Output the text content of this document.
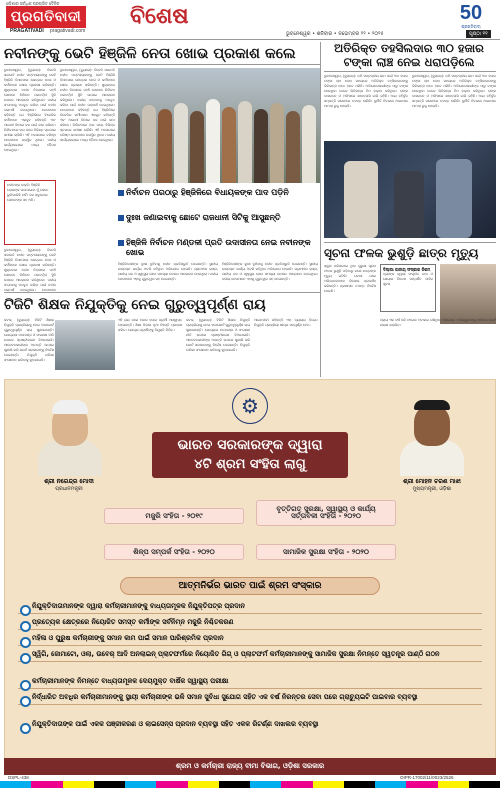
ଓଡ଼ିଶାର ସର୍ବାଧିକ ପ୍ରଚାରିତ ଦୈନିକ
ପ୍ରଗତିବାଦୀ
PRAGATIVADI pragativadi.com
ବିଶେଷ	50
ପ୍ରଗତିବାଦୀ
ଭୁବନେଶ୍ୱର • ଶନିବାର • ନଭେମ୍ବର ୨୨ • ୨୦୨୫	ପୃଷ୍ଠା ୧୧
ନବୀନଙ୍କୁ ଭେଟି ହିଞ୍ଜିଳି ନେତା ଖୋଭ ପ୍ରକାଶ କଲେ
ଭୁବନେଶ୍ୱର, (ବ୍ୟୁରୋ): ବିଜେଡି ସଭାପତି ନବୀନ ପଟ୍ଟନାୟକଙ୍କୁ ଭେଟି ହିଞ୍ଜିଳି ବିଧାନସଭା କ୍ଷେତ୍ରର ନେତା ଓ କର୍ମୀମାନେ ଖୋଭ ପ୍ରକାଶ କରିଛନ୍ତି। ଶୁକ୍ରବାର ନବୀନ ନିବାସରେ ପହଞ୍ଚି ସେମାନେ ନିର୍ବାଚନ ପରବର୍ତ୍ତୀ ସ୍ଥିତି ଉପରେ ଆଲୋଚନା କରିଥିଲେ। ଦଳୀୟ ସଂଗଠନକୁ ମଜବୁତ କରିବା ପାଇଁ ନବୀନ ପରାମର୍ଶ ଦେଇଥିଲେ। ନେତାମାନେ କହିଛନ୍ତି ଯେ ହିଞ୍ଜିଳିରେ ବିଜେଡିର କର୍ମୀମାନେ ଏକଜୁଟ ରହିଛନ୍ତି ଏବଂ ଆଗାମୀ ଦିନରେ ଦଳ ପାଇଁ କାମ କରିବେ। ନିର୍ବାଚନରେ ହାର ପରେ ବିଭିନ୍ନ ସ୍ତରରେ ସମୀକ୍ଷା ଚାଲିଛି। ଏହି ଅବସରରେ ବରିଷ୍ଠ ନେତାମାନେ ଉପସ୍ଥିତ ଥିଲେ। ଦଳୀୟ କାର୍ଯ୍ୟାଳୟରେ ମଧ୍ୟ ବୈଠକ ହୋଇଥିଲା।
ଭୁବନେଶ୍ୱର, (ବ୍ୟୁରୋ): ବିଜେଡି ସଭାପତି ନବୀନ ପଟ୍ଟନାୟକଙ୍କୁ ଭେଟି ହିଞ୍ଜିଳି ବିଧାନସଭା କ୍ଷେତ୍ରର ନେତା ଓ କର୍ମୀମାନେ ଖୋଭ ପ୍ରକାଶ କରିଛନ୍ତି। ଶୁକ୍ରବାର ନବୀନ ନିବାସରେ ପହଞ୍ଚି ସେମାନେ ନିର୍ବାଚନ ପରବର୍ତ୍ତୀ ସ୍ଥିତି ଉପରେ ଆଲୋଚନା କରିଥିଲେ। ଦଳୀୟ ସଂଗଠନକୁ ମଜବୁତ କରିବା ପାଇଁ ନବୀନ ପରାମର୍ଶ ଦେଇଥିଲେ। ନେତାମାନେ କହିଛନ୍ତି ଯେ ହିଞ୍ଜିଳିରେ ବିଜେଡିର କର୍ମୀମାନେ ଏକଜୁଟ ରହିଛନ୍ତି ଏବଂ ଆଗାମୀ ଦିନରେ ଦଳ ପାଇଁ କାମ କରିବେ। ନିର୍ବାଚନରେ ହାର ପରେ ବିଭିନ୍ନ ସ୍ତରରେ ସମୀକ୍ଷା ଚାଲିଛି। ଏହି ଅବସରରେ ବରିଷ୍ଠ ନେତାମାନେ ଉପସ୍ଥିତ ଥିଲେ। ଦଳୀୟ କାର୍ଯ୍ୟାଳୟରେ ମଧ୍ୟ ବୈଠକ ହୋଇଥିଲା।
ନିର୍ବାଚନ ପରଠାରୁ ହିଞ୍ଜିଳିରେ ବିଧାୟକଙ୍କ ପାଦ ପଡ଼ିନି
ଦୁଃଖ ଜଣାଇବାକୁ ଛୋଟେ ରାଜଧାନୀ ସିଟିକୁ ଆସୁଛନ୍ତି
ହିଞ୍ଜିଳି ନିର୍ବାଚନ ମଣ୍ଡଳୀ ପ୍ରତି ଉଦାସୀନତା ନେଇ ନବୀନଙ୍କ ଖୋଭ
ନବୀନଙ୍କ ଉକ୍ତି: ହିଞ୍ଜିଳି ଲୋକଙ୍କ ଭଲପାଇବା ମୁଁ କେବେ ଭୁଲିପାରିବି ନାହିଁ। ଦଳ ସବୁବେଳେ ସେମାନଙ୍କ ସହ ଅଛି।
ଭୁବନେଶ୍ୱର, (ବ୍ୟୁରୋ): ବିଜେଡି ସଭାପତି ନବୀନ ପଟ୍ଟନାୟକଙ୍କୁ ଭେଟି ହିଞ୍ଜିଳି ବିଧାନସଭା କ୍ଷେତ୍ରର ନେତା ଓ କର୍ମୀମାନେ ଖୋଭ ପ୍ରକାଶ କରିଛନ୍ତି। ଶୁକ୍ରବାର ନବୀନ ନିବାସରେ ପହଞ୍ଚି ସେମାନେ ନିର୍ବାଚନ ପରବର୍ତ୍ତୀ ସ୍ଥିତି ଉପରେ ଆଲୋଚନା କରିଥିଲେ। ଦଳୀୟ ସଂଗଠନକୁ ମଜବୁତ କରିବା ପାଇଁ ନବୀନ ପରାମର୍ଶ ଦେଇଥିଲେ। ନେତାମାନେ
ହିଞ୍ଜିଳିବାସୀଙ୍କ ଦୁଃଖ ବୁଝିବାକୁ ନବୀନ ପ୍ରତିଶ୍ରୁତି ଦେଇଛନ୍ତି। ସ୍ଥାନୀୟ ଉନ୍ନୟନ କାର୍ଯ୍ୟ ଅଟକି ରହିଥିବା ଅଭିଯୋଗ ହୋଇଛି। ଗ୍ରାମାଞ୍ଚଳ ରାସ୍ତା, ପାନୀୟ ଜଳ ଓ ସ୍ୱାସ୍ଥ୍ୟ ସେବା ସମସ୍ୟା ଉପରେ ଆଲୋଚନା ହୋଇଥିଲା। ଦଳୀୟ ନେତାମାନେ ଏହାକୁ ଗୁରୁତ୍ୱର ସହ ନେଇଛନ୍ତି।
ହିଞ୍ଜିଳିବାସୀଙ୍କ ଦୁଃଖ ବୁଝିବାକୁ ନବୀନ ପ୍ରତିଶ୍ରୁତି ଦେଇଛନ୍ତି। ସ୍ଥାନୀୟ ଉନ୍ନୟନ କାର୍ଯ୍ୟ ଅଟକି ରହିଥିବା ଅଭିଯୋଗ ହୋଇଛି। ଗ୍ରାମାଞ୍ଚଳ ରାସ୍ତା, ପାନୀୟ ଜଳ ଓ ସ୍ୱାସ୍ଥ୍ୟ ସେବା ସମସ୍ୟା ଉପରେ ଆଲୋଚନା ହୋଇଥିଲା। ଦଳୀୟ ନେତାମାନେ ଏହାକୁ ଗୁରୁତ୍ୱର ସହ ନେଇଛନ୍ତି।
ଅତିରିକ୍ତ ତହସିଲଦାର ୩୦ ହଜାର ଟଙ୍କା ଲାଞ୍ଚ ନେଇ ଧରାପଡ଼ିଲେ
ଭୁବନେଶ୍ୱର, (ବ୍ୟୁରୋ): ଜମି ସମ୍ବନ୍ଧୀୟ କାମ ପାଇଁ ୩୦ ହଜାର ଟଙ୍କା ଲାଞ୍ଚ ନେବା ସମୟରେ ଅତିରିକ୍ତ ତହସିଲଦାରଙ୍କୁ ଭିଜିଲାନ୍ସ ହାତେ ହାତେ ଧରିଛି। ଅଭିଯୋଗକାରୀଙ୍କ ଠାରୁ ଟଙ୍କା ନେଉଥିବା ବେଳେ ଭିଜିଲାନ୍ସ ଟିମ ଚଢ଼ାଉ କରିଥିଲା। ତାଙ୍କ ବାସଭବନ ଓ ଅଫିସରେ ଖାନତଲାସି ଜାରି ରହିଛି। ଆୟ ବହିର୍ଭୂତ ସମ୍ପତ୍ତି ସନ୍ଦେହରେ ତଦନ୍ତ ଚାଲିଛି। ଦୁର୍ନୀତି ନିବାରଣ ଆଇନରେ ମାମଲା ରୁଜୁ ହୋଇଛି।
ଭୁବନେଶ୍ୱର, (ବ୍ୟୁରୋ): ଜମି ସମ୍ବନ୍ଧୀୟ କାମ ପାଇଁ ୩୦ ହଜାର ଟଙ୍କା ଲାଞ୍ଚ ନେବା ସମୟରେ ଅତିରିକ୍ତ ତହସିଲଦାରଙ୍କୁ ଭିଜିଲାନ୍ସ ହାତେ ହାତେ ଧରିଛି। ଅଭିଯୋଗକାରୀଙ୍କ ଠାରୁ ଟଙ୍କା ନେଉଥିବା ବେଳେ ଭିଜିଲାନ୍ସ ଟିମ ଚଢ଼ାଉ କରିଥିଲା। ତାଙ୍କ ବାସଭବନ ଓ ଅଫିସରେ ଖାନତଲାସି ଜାରି ରହିଛି। ଆୟ ବହିର୍ଭୂତ ସମ୍ପତ୍ତି ସନ୍ଦେହରେ ତଦନ୍ତ ଚାଲିଛି। ଦୁର୍ନୀତି ନିବାରଣ ଆଇନରେ ମାମଲା ରୁଜୁ ହୋଇଛି।
ସୂଚନା ଫଳକ ଭୁଶୁଡ଼ି ଛାତ୍ର ମୃତ୍ୟୁ
ସ୍କୁଲ ପରିସରରେ ଥିବା ପୁରୁଣା ସୂଚନା ଫଳକ ଭୁଶୁଡ଼ି ପଡ଼ିବାରୁ ଜଣେ ଛାତ୍ରଙ୍କ ମୃତ୍ୟୁ ଘଟିଛି। ଘଟଣା ପରେ ଅଭିଭାବକମାନେ ବିକ୍ଷୋଭ ପ୍ରଦର୍ଶନ କରିଛନ୍ତି। ପ୍ରଶାସନ ତଦନ୍ତ ନିର୍ଦ୍ଦେଶ ଦେଇଛି।
ଦିଲ୍ଲୀ ଜାତୀୟ ସଂସ୍କାର ନିଗମ
ବ୍ୟାଙ୍କ ଦ୍ୱାରା ସଂଗୃହୀତ ଜମା ଓ ଶେୟାର ନିବେଶ ସମ୍ପର୍କିତ ଜାହିର ସୂଚନା
ପ୍ରାୟ ଏକ ବର୍ଷ ଧରି ଫାଇଲ ଅଟକାଇ ରଖିଥିବା ଅଭିଯୋଗ। ଅଭିଯୁକ୍ତଙ୍କୁ ଶନିବାର କୋର୍ଟ ଚାଲାଣ କରାଯିବ।
ଟିଜିଟି ଶିକ୍ଷକ ନିଯୁକ୍ତିକୁ ନେଇ ଗୁରୁତ୍ୱପୂର୍ଣ୍ଣ ରାୟ
କଟକ, (ବ୍ୟୁରୋ): ଟିଜିଟି ଶିକ୍ଷକ ନିଯୁକ୍ତି ପ୍ରକ୍ରିୟାକୁ ନେଇ ହାଇକୋର୍ଟ ଗୁରୁତ୍ୱପୂର୍ଣ୍ଣ ରାୟ ଶୁଣାଇଛନ୍ତି। ଯୋଗ୍ୟତା ମାପଦଣ୍ଡ ଓ ସଂରକ୍ଷଣ ନୀତି ଉପରେ ସ୍ପଷ୍ଟୀକରଣ ଦିଆଯାଇଛି। ଆବେଦନକାରୀଙ୍କ ଆପତ୍ତି ଉପରେ ଶୁଣାଣି କରି କୋର୍ଟ ସରକାରଙ୍କୁ ନିର୍ଦ୍ଦେଶ ଦେଇଛନ୍ତି। ନିଯୁକ୍ତି ତାଲିକା ସଂଶୋଧନ କରିବାକୁ କୁହାଯାଇଛି।
ଏହି ରାୟ ପରେ ହଜାର ହଜାର ପ୍ରାର୍ଥୀ ଆଶ୍ୱସ୍ତ ହୋଇଛନ୍ତି। ଶିକ୍ଷା ବିଭାଗ ନୂଆ ବିଜ୍ଞପ୍ତି ପ୍ରକାଶ କରିବ। ଯୋଗ୍ୟ ପ୍ରାର୍ଥୀଙ୍କୁ ନିଯୁକ୍ତି ମିଳିବ।
କଟକ, (ବ୍ୟୁରୋ): ଟିଜିଟି ଶିକ୍ଷକ ନିଯୁକ୍ତି ପ୍ରକ୍ରିୟାକୁ ନେଇ ହାଇକୋର୍ଟ ଗୁରୁତ୍ୱପୂର୍ଣ୍ଣ ରାୟ ଶୁଣାଇଛନ୍ତି। ଯୋଗ୍ୟତା ମାପଦଣ୍ଡ ଓ ସଂରକ୍ଷଣ ନୀତି ଉପରେ ସ୍ପଷ୍ଟୀକରଣ ଦିଆଯାଇଛି। ଆବେଦନକାରୀଙ୍କ ଆପତ୍ତି ଉପରେ ଶୁଣାଣି କରି କୋର୍ଟ ସରକାରଙ୍କୁ ନିର୍ଦ୍ଦେଶ ଦେଇଛନ୍ତି। ନିଯୁକ୍ତି ତାଲିକା ସଂଶୋଧନ କରିବାକୁ କୁହାଯାଇଛି।
ଆଇନଜୀବୀ କହିଛନ୍ତି ଏହା ନ୍ୟାୟର ବିଜୟ। ନିଯୁକ୍ତି ପ୍ରକ୍ରିୟା ଶୀଘ୍ର ସମ୍ପୂର୍ଣ୍ଣ ହେବ।
ଶ୍ରୀ ନରେନ୍ଦ୍ର ମୋଦୀ
ପ୍ରଧାନମନ୍ତ୍ରୀ
ଶ୍ରୀ ମୋହନ ଚରଣ ମାଝୀ
ମୁଖ୍ୟମନ୍ତ୍ରୀ, ଓଡ଼ିଶା
⚙
ଭାରତ ସରକାରଙ୍କ ଦ୍ୱାରା
୪ଟି ଶ୍ରମ ସଂହିତା ଲାଗୁ
ମଜୁରି ସଂହିତା - ୨୦୧୯
ବୃତ୍ତିଗତ ସୁରକ୍ଷା, ସ୍ୱାସ୍ଥ୍ୟ ଓ କାର୍ଯ୍ୟ ସର୍ତ୍ତାବଳୀ ସଂହିତା - ୨୦୨୦
ଶିଳ୍ପ ସମ୍ପର୍କ ସଂହିତା - ୨୦୨୦	ସାମାଜିକ ସୁରକ୍ଷା ସଂହିତା - ୨୦୨୦
ଆତ୍ମନିର୍ଭର ଭାରତ ପାଇଁ ଶ୍ରମ ସଂସ୍କାର
ନିଯୁକ୍ତିଦାତାମାନଙ୍କ ଦ୍ୱାରା କର୍ମଚାରୀମାନଙ୍କୁ ବାଧ୍ୟତାମୂଳକ ନିଯୁକ୍ତିପତ୍ର ପ୍ରଦାନ
ପ୍ରତ୍ୟେକ କ୍ଷେତ୍ରରେ ନିୟୋଜିତ ସମସ୍ତ କର୍ମୀଙ୍କ ସର୍ବନିମ୍ନ ମଜୁରି ନିଶ୍ଚିତକରଣ
ମହିଳା ଓ ପୁରୁଷ କର୍ମଚାରୀଙ୍କୁ ସମାନ କାମ ପାଇଁ ସମାନ ପାରିଶ୍ରମିକ ପ୍ରଦାନ
ସ୍ୱିଗି, ଜୋମାଟୋ, ଓଲା, ଉବେର୍ ଆଦି ଅନଲାଇନ୍ ପ୍ଲାଟଫର୍ମରେ ନିୟୋଜିତ ଗିଗ୍ ଓ ପ୍ଲାଟଫର୍ମ କର୍ମଚାରୀମାନଙ୍କୁ ସାମାଜିକ ସୁରକ୍ଷା ନିମନ୍ତେ ସ୍ୱତନ୍ତ୍ର ପାଣ୍ଠି ଗଠନ
କର୍ମଚାରୀମାନଙ୍କ ନିମନ୍ତେ ବାଧ୍ୟତାମୂଳକ ଦେୟମୁକ୍ତ ବାର୍ଷିକ ସ୍ୱାସ୍ଥ୍ୟ ପରୀକ୍ଷା
ନିର୍ଦ୍ଧାରିତ ଅବଧିର କର୍ମଚାରୀମାନଙ୍କୁ ସ୍ଥାୟୀ କର୍ମଚାରୀଙ୍କ ଭଳି ସମାନ ସୁବିଧା ସୁଯୋଗ ସହିତ ଏକ ବର୍ଷ ନିରନ୍ତର ସେବା ପରେ ଗ୍ରାଚ୍ୟୁଇଟି ପାଇବାର ବ୍ୟବସ୍ଥା
ନିଯୁକ୍ତିଦାତାଙ୍କ ପାଇଁ ଏକକ ପଞ୍ଜୀକରଣ ଓ ଲାଇସେନ୍ସ ପ୍ରଦାନ ବ୍ୟବସ୍ଥା ସହିତ ଏକକ ରିଟର୍ଣ୍ଣ ଦାଖଲର ବ୍ୟବସ୍ଥା
ଶ୍ରମ ଓ କର୍ମଚାରୀ ରାଜ୍ୟ ବୀମା ବିଭାଗ, ଓଡ଼ିଶା ସରକାର
DSPL-438	OIPR-17002/11/0023/2526
